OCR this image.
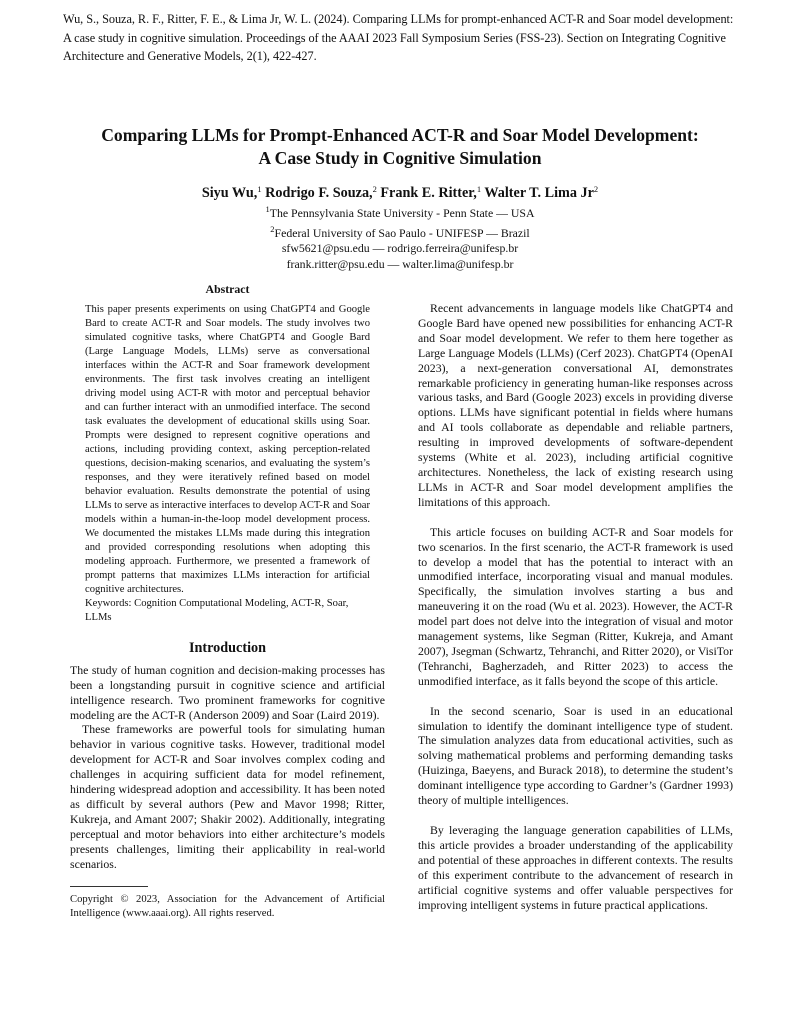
Wu, S., Souza, R. F., Ritter, F. E., & Lima Jr, W. L. (2024). Comparing LLMs for prompt-enhanced ACT-R and Soar model development:
A case study in cognitive simulation. Proceedings of the AAAI 2023 Fall Symposium Series (FSS-23). Section on Integrating Cognitive
Architecture and Generative Models, 2(1), 422-427.
Comparing LLMs for Prompt-Enhanced ACT-R and Soar Model Development:
A Case Study in Cognitive Simulation
Siyu Wu,$^1$ Rodrigo F. Souza,$^2$ Frank E. Ritter,$^1$ Walter T. Lima Jr$^2$
$^1$The Pennsylvania State University - Penn State — USA
$^2$Federal University of Sao Paulo - UNIFESP — Brazil
sfw5621@psu.edu — rodrigo.ferreira@unifesp.br
frank.ritter@psu.edu — walter.lima@unifesp.br
Abstract

This paper presents experiments on using ChatGPT4 and Google Bard to create ACT-R and Soar models. The study involves two simulated cognitive tasks, where ChatGPT4 and Google Bard (Large Language Models, LLMs) serve as conversational interfaces within the ACT-R and Soar framework development environments. The first task involves creating an intelligent driving model using ACT-R with motor and perceptual behavior and can further interact with an unmodified interface. The second task evaluates the development of educational skills using Soar. Prompts were designed to represent cognitive operations and actions, including providing context, asking perception-related questions, decision-making scenarios, and evaluating the system’s responses, and they were iteratively refined based on model behavior evaluation. Results demonstrate the potential of using LLMs to serve as interactive interfaces to develop ACT-R and Soar models within a human-in-the-loop model development process. We documented the mistakes LLMs made during this integration and provided corresponding resolutions when adopting this modeling approach. Furthermore, we presented a framework of prompt patterns that maximizes LLMs interaction for artificial cognitive architectures.

Keywords: Cognition Computational Modeling, ACT-R, Soar, LLMs

Introduction

The study of human cognition and decision-making processes has been a longstanding pursuit in cognitive science and artificial intelligence research. Two prominent frameworks for cognitive modeling are the ACT-R (Anderson 2009) and Soar (Laird 2019).

These frameworks are powerful tools for simulating human behavior in various cognitive tasks. However, traditional model development for ACT-R and Soar involves complex coding and challenges in acquiring sufficient data for model refinement, hindering widespread adoption and accessibility. It has been noted as difficult by several authors (Pew and Mavor 1998; Ritter, Kukreja, and Amant 2007; Shakir 2002). Additionally, integrating perceptual and motor behaviors into either architecture’s models presents challenges, limiting their applicability in real-world scenarios.

Copyright © 2023, Association for the Advancement of Artificial Intelligence (www.aaai.org). All rights reserved.

Recent advancements in language models like ChatGPT4 and Google Bard have opened new possibilities for enhancing ACT-R and Soar model development. We refer to them here together as Large Language Models (LLMs) (Cerf 2023). ChatGPT4 (OpenAI 2023), a next-generation conversational AI, demonstrates remarkable proficiency in generating human-like responses across various tasks, and Bard (Google 2023) excels in providing diverse options. LLMs have significant potential in fields where humans and AI tools collaborate as dependable and reliable partners, resulting in improved developments of software-dependent systems (White et al. 2023), including artificial cognitive architectures. Nonetheless, the lack of existing research using LLMs in ACT-R and Soar model development amplifies the limitations of this approach.

This article focuses on building ACT-R and Soar models for two scenarios. In the first scenario, the ACT-R framework is used to develop a model that has the potential to interact with an unmodified interface, incorporating visual and manual modules. Specifically, the simulation involves starting a bus and maneuvering it on the road (Wu et al. 2023). However, the ACT-R model part does not delve into the integration of visual and motor management systems, like Segman (Ritter, Kukreja, and Amant 2007), Jsegman (Schwartz, Tehranchi, and Ritter 2020), or VisiTor (Tehranchi, Bagherzadeh, and Ritter 2023) to access the unmodified interface, as it falls beyond the scope of this article.

In the second scenario, Soar is used in an educational simulation to identify the dominant intelligence type of student. The simulation analyzes data from educational activities, such as solving mathematical problems and performing demanding tasks (Huizinga, Baeyens, and Burack 2018), to determine the student’s dominant intelligence type according to Gardner’s (Gardner 1993) theory of multiple intelligences.

By leveraging the language generation capabilities of LLMs, this article provides a broader understanding of the applicability and potential of these approaches in different contexts. The results of this experiment contribute to the advancement of research in artificial cognitive systems and offer valuable perspectives for improving intelligent systems in future practical applications.
